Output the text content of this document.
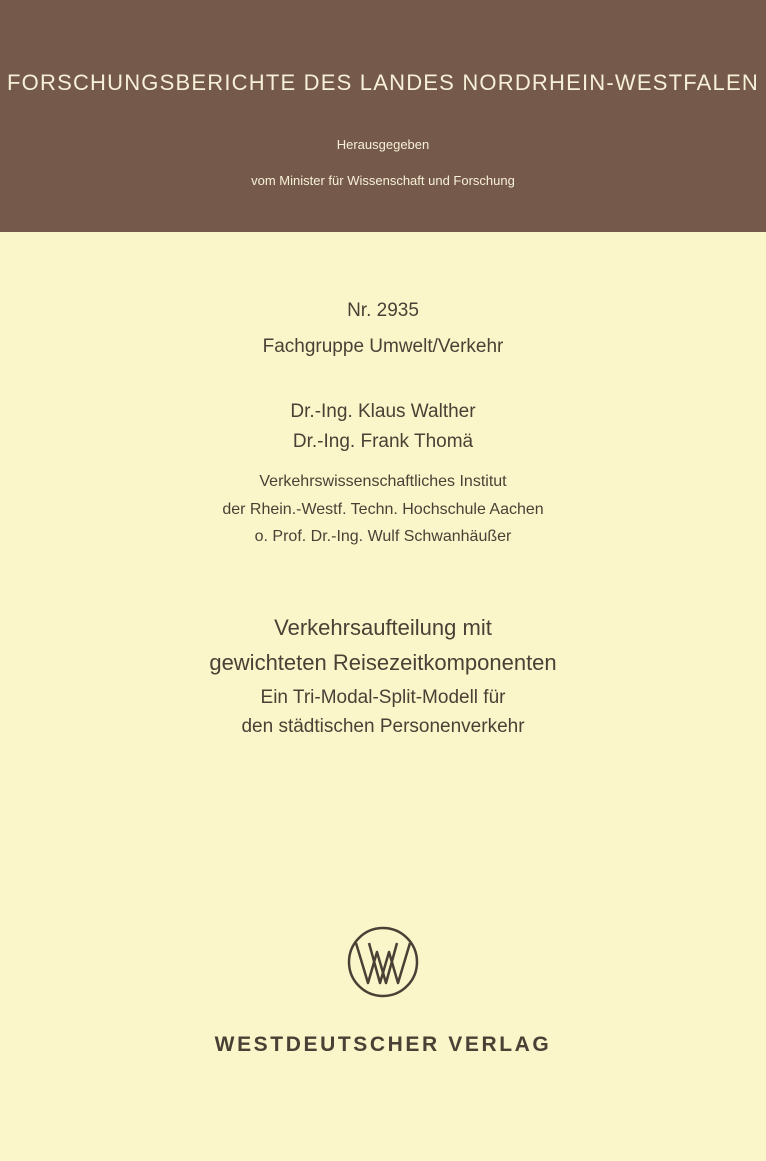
FORSCHUNGSBERICHTE DES LANDES NORDRHEIN-WESTFALEN
Herausgegeben
vom Minister für Wissenschaft und Forschung
Nr. 2935
Fachgruppe Umwelt/Verkehr
Dr.-Ing. Klaus Walther
Dr.-Ing. Frank Thomä
Verkehrswissenschaftliches Institut
der Rhein.-Westf. Techn. Hochschule Aachen
o. Prof. Dr.-Ing. Wulf Schwanhäußer
Verkehrsaufteilung mit
gewichteten Reisezeitkomponenten
Ein Tri-Modal-Split-Modell für
den städtischen Personenverkehr
WESTDEUTSCHER VERLAG
